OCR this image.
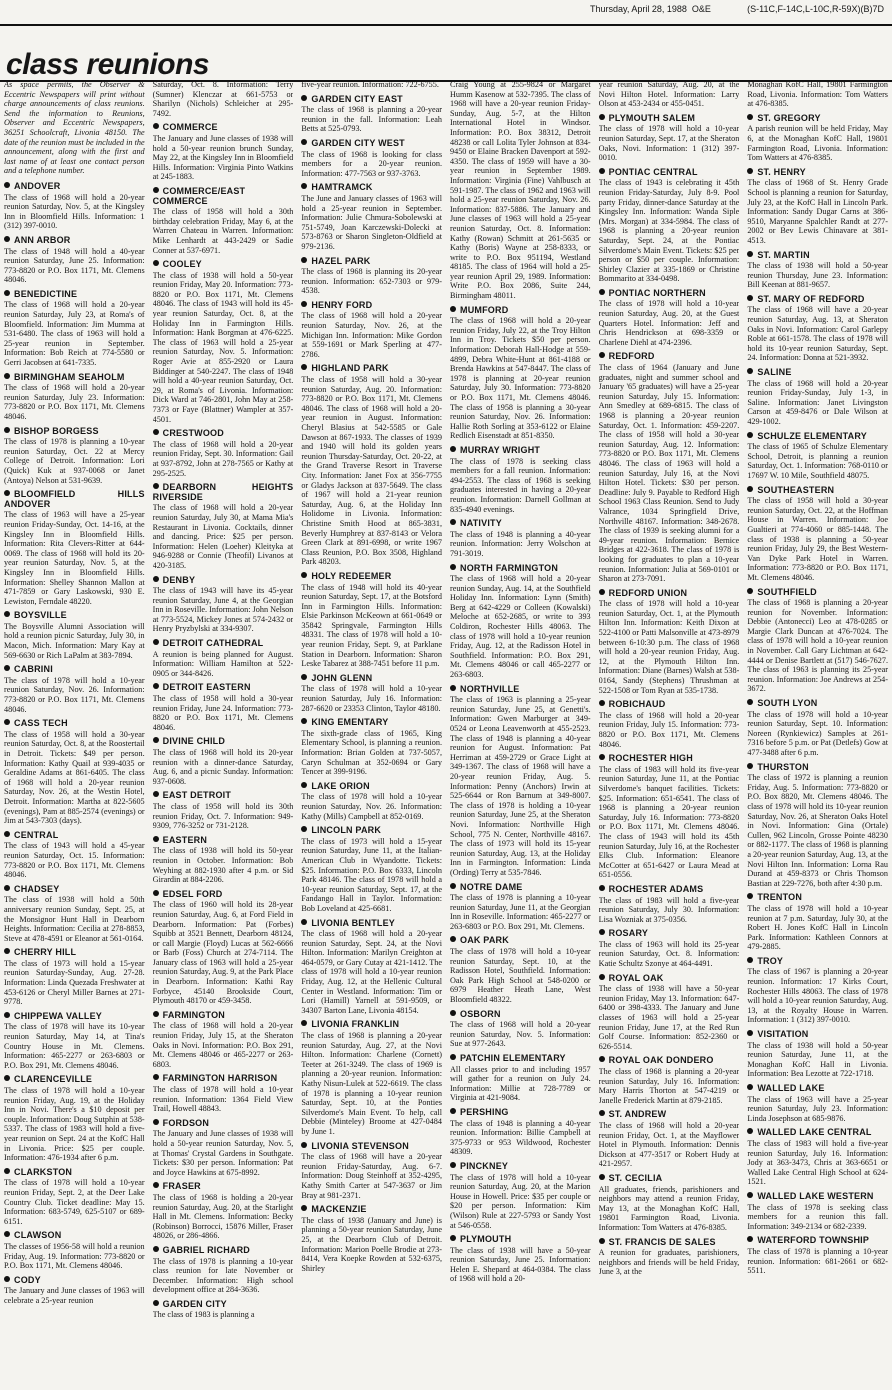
Thursday, April 28, 1988 O&E	(S-11C,F-14C,L-10C,R-59X)(B)7D
class reunions

As space permits, the Observer & Eccentric Newspapers will print without charge announcements of class reunions. Send the information to Reunions, Observer and Eccentric Newspapers, 36251 Schoolcraft, Livonia 48150. The date of the reunion must be included in the announcement, along with the first and last name of at least one contact person and a telephone number.

ANDOVER

The class of 1968 will hold a 20-year reunion Saturday, Nov. 5, at the Kingsley Inn in Bloomfield Hills. Information: 1 (312) 397-0010.

ANN ARBOR

The class of 1948 will hold a 40-year reunion Saturday, June 25. Information: 773-8820 or P.O. Box 1171, Mt. Clemens 48046.

BENEDICTINE

The class of 1968 will hold a 20-year reunion Saturday, July 23, at Roma's of Bloomfield. Information: Jim Mumma at 531-6480. The class of 1963 will hold a 25-year reunion in September. Information: Bob Reich at 774-5580 or Gerri Jacobsen at 641-7335.

BIRMINGHAM SEAHOLM

The class of 1968 will hold a 20-year reunion Saturday, July 23. Information: 773-8820 or P.O. Box 1171, Mt. Clemens 48046.

BISHOP BORGESS

The class of 1978 is planning a 10-year reunion Saturday, Oct. 22 at Mercy College of Detroit. Information: Lori (Quick) Kuk at 937-0068 or Janet (Antoya) Nelson at 531-9639.

BLOOMFIELD HILLS ANDOVER

The class of 1963 will have a 25-year reunion Friday-Sunday, Oct. 14-16, at the Kingsley Inn in Bloomfield Hills. Information: Rita Clevers-Ritter at 644-0069. The class of 1968 will hold its 20-year reunion Saturday, Nov. 5, at the Kingsley Inn in Bloomfield Hills. Information: Shelley Shannon Mallon at 471-7859 or Gary Laskowski, 930 E. Lewiston, Ferndale 48220.

BOYSVILLE

The Boysville Alumni Association will hold a reunion picnic Saturday, July 30, in Macon, Mich. Information: Mary Kay at 569-6630 or Rich LaPalm at 383-7894.

CABRINI

The class of 1978 will hold a 10-year reunion Saturday, Nov. 26. Information: 773-8820 or P.O. Box 1171, Mt. Clemens 48046.

CASS TECH

The class of 1958 will hold a 30-year reunion Saturday, Oct. 8, at the Roostertail in Detroit. Tickets: $49 per person. Information: Kathy Quail at 939-4035 or Geraldine Adams at 861-6405. The class of 1968 will hold a 20-year reunion Saturday, Nov. 26, at the Westin Hotel, Detroit. Information: Martha at 822-5605 (evenings), Pam at 885-2574 (evenings) or Jim at 543-7303 (days).

CENTRAL

The class of 1943 will hold a 45-year reunion Saturday, Oct. 15. Information: 773-8820 or P.O. Box 1171, Mt. Clemens 48046.

CHADSEY

The class of 1938 will hold a 50th anniversary reunion Sunday, Sept. 25, at the Monsignor Hunt Hall in Dearborn Heights. Information: Cecilia at 278-8853, Steve at 478-4591 or Eleanor at 561-0164.

CHERRY HILL

The class of 1973 will hold a 15-year reunion Saturday-Sunday, Aug. 27-28. Information: Linda Quezada Freshwater at 453-6126 or Cheryl Miller Barnes at 271-9778.

CHIPPEWA VALLEY

The class of 1978 will have its 10-year reunion Saturday, May 14, at Tina's Country House in Mt. Clemens. Information: 465-2277 or 263-6803 or P.O. Box 291, Mt. Clemens 48046.

CLARENCEVILLE

The class of 1978 will hold a 10-year reunion Friday, Aug. 19, at the Holiday Inn in Novi. There's a $10 deposit per couple. Information: Doug Sutphin at 538-5337. The class of 1983 will hold a five-year reunion on Sept. 24 at the KofC Hall in Livonia. Price: $25 per couple. Information: 476-1934 after 6 p.m.

CLARKSTON

The class of 1978 will hold a 10-year reunion Friday, Sept. 2, at the Deer Lake Country Club. Ticket deadline: May 15. Information: 683-5749, 625-5107 or 689-6151.

CLAWSON

The classes of 1956-58 will hold a reunion Friday, Aug. 19. Information: 773-8820 or P.O. Box 1171, Mt. Clemens 48046.

CODY

The January and June classes of 1963 will celebrate a 25-year reunion

Saturday, Oct. 8. Information: Terry (Sumner) Klenczar at 661-5753 or Sharilyn (Nichols) Schleicher at 295-7492.

COMMERCE

The January and June classes of 1938 will hold a 50-year reunion brunch Sunday, May 22, at the Kingsley Inn in Bloomfield Hills. Information: Virginia Pinto Watkins at 245-1883.

COMMERCE/EAST COMMERCE

The class of 1958 will hold a 30th birthday celebration Friday, May 6, at the Warren Chateau in Warren. Information: Mike Lenhardt at 443-2429 or Sadie Conner at 537-6971.

COOLEY

The class of 1938 will hold a 50-year reunion Friday, May 20. Information: 773-8820 or P.O. Box 1171, Mt. Clemens 48046. The class of 1943 will hold its 45-year reunion Saturday, Oct. 8, at the Holiday Inn in Farmington Hills. Information: Hank Borgman at 476-6225. The class of 1963 will hold a 25-year reunion Saturday, Nov. 5. Information: Roger Avie at 855-2920 or Laura Biddinger at 540-2247. The class of 1948 will hold a 40-year reunion Saturday, Oct. 29, at Roma's of Livonia. Information: Dick Ward at 746-2801, John May at 258-7373 or Faye (Blattner) Wampler at 357-4501.

CRESTWOOD

The class of 1968 will hold a 20-year reunion Friday, Sept. 30. Information: Gail at 937-8792, John at 278-7565 or Kathy at 295-2525.

DEARBORN HEIGHTS RIVERSIDE

The class of 1968 will hold a 20-year reunion Saturday, July 30, at Mama Mia's Restaurant in Livonia. Cocktails, dinner and dancing. Price: $25 per person. Information: Helen (Loeher) Kleityka at 946-9288 or Connie (Theofil) Livanos at 420-3185.

DENBY

The class of 1943 will have its 45-year reunion Saturday, June 4, at the Georgian Inn in Roseville. Information: John Nelson at 773-5524, Mickey Jones at 574-2432 or Henry Pryzbylski at 334-9307.

DETROIT CATHEDRAL

A reunion is being planned for August. Information: William Hamilton at 522-0905 or 344-8426.

DETROIT EASTERN

The class of 1958 will hold a 30-year reunion Friday, June 24. Information: 773-8820 or P.O. Box 1171, Mt. Clemens 48046.

DIVINE CHILD

The class of 1968 will hold its 20-year reunion with a dinner-dance Saturday, Aug. 6, and a picnic Sunday. Information: 937-0608.

EAST DETROIT

The class of 1958 will hold its 30th reunion Friday, Oct. 7. Information: 949-9309, 776-3252 or 731-2128.

EASTERN

The class of 1938 will hold its 50-year reunion in October. Information: Bob Weyhing at 882-1930 after 4 p.m. or Sid Girardin at 884-2206.

EDSEL FORD

The class of 1960 will hold its 28-year reunion Saturday, Aug. 6, at Ford Field in Dearborn. Information: Pat (Forbes) Squibb at 3521 Bennett, Dearborn 48124, or call Margie (Floyd) Lucas at 562-6666 or Barb (Foss) Church at 274-7114. The January class of 1963 will hold a 25-year reunion Saturday, Aug. 9, at the Park Place in Dearborn. Information: Kathi Ray Forbyce, 45140 Brookside Court, Plymouth 48170 or 459-3458.

FARMINGTON

The class of 1968 will hold a 20-year reunion Friday, July 15, at the Sheraton Oaks in Novi. Information: P.O. Box 291, Mt. Clemens 48046 or 465-2277 or 263-6803.

FARMINGTON HARRISON

The class of 1978 will hold a 10-year reunion. Information: 1364 Field View Trail, Howell 48843.

FORDSON

The January and June classes of 1938 will hold a 50-year reunion Saturday, Nov. 5, at Thomas' Crystal Gardens in Southgate. Tickets: $30 per person. Information: Pat and Joyce Hawkins at 675-8992.

FRASER

The class of 1968 is holding a 20-year reunion Saturday, Aug. 20, at the Starlight Hall in Mt. Clemens. Information: Becky (Robinson) Borrocci, 15876 Miller, Fraser 48026, or 286-4866.

GABRIEL RICHARD

The class of 1978 is planning a 10-year class reunion for late November or December. Information: High school development office at 284-3636.

GARDEN CITY

The class of 1983 is planning a

five-year reunion. Information: 722-6755.

GARDEN CITY EAST

The class of 1968 is planning a 20-year reunion in the fall. Information: Leah Betts at 525-0793.

GARDEN CITY WEST

The class of 1968 is looking for class members for a 20-year reunion. Information: 477-7563 or 937-3763.

HAMTRAMCK

The June and January classes of 1963 will hold a 25-year reunion in September. Information: Julie Chmura-Sobolewski at 751-5749, Joan Karczewski-Dolecki at 573-8763 or Sharon Singleton-Oldfield at 979-2136.

HAZEL PARK

The class of 1968 is planning its 20-year reunion. Information: 652-7303 or 979-4538.

HENRY FORD

The class of 1968 will hold a 20-year reunion Saturday, Nov. 26, at the Michigan Inn. Information: Mike Gordon at 559-1691 or Mark Sperling at 477-2786.

HIGHLAND PARK

The class of 1958 will hold a 30-year reunion Saturday, Aug. 20. Information: 773-8820 or P.O. Box 1171, Mt. Clemens 48046. The class of 1968 will hold a 20-year reunion in August. Information: Cheryl Blasius at 542-5585 or Gale Dawson at 867-1933. The classes of 1939 and 1940 will hold its golden years reunion Thursday-Saturday, Oct. 20-22, at the Grand Traverse Resort in Traverse City. Information: Janet Fox at 356-7755 or Gladys Jackson at 837-5649. The class of 1967 will hold a 21-year reunion Saturday, Aug. 6, at the Holiday Inn Holidome in Livonia. Information: Christine Smith Hood at 865-3831, Beverly Humphrey at 837-8143 or Velora Green Clark at 891-6998, or write 1967 Class Reunion, P.O. Box 3508, Highland Park 48203.

HOLY REDEEMER

The class of 1948 will hold its 40-year reunion Saturday, Sept. 17, at the Botsford Inn in Farmington Hills. Information: Elsie Parkinson McKeown at 661-0649 or 35842 Springvale, Farmington Hills 48331. The class of 1978 will hold a 10-year reunion Friday, Sept. 9, at Parklane Station in Dearborn. Information: Sharon Leske Tabarez at 388-7451 before 11 p.m.

JOHN GLENN

The class of 1978 will hold a 10-year reunion Saturday, July 16. Information: 287-6620 or 23353 Clinton, Taylor 48180.

KING EMENTARY

The sixth-grade class of 1965, King Elementary School, is planning a reunion. Information: Brian Golden at 737-5057, Caryn Schulman at 352-0694 or Gary Tencer at 399-9196.

LAKE ORION

The class of 1978 will hold a 10-year reunion Saturday, Nov. 26. Information: Kathy (Mills) Campbell at 852-0169.

LINCOLN PARK

The class of 1973 will hold a 15-year reunion Saturday, June 11, at the Italian-American Club in Wyandotte. Tickets: $25. Information: P.O. Box 6333, Lincoln Park 48146. The class of 1978 will hold a 10-year reunion Saturday, Sept. 17, at the Fandango Hall in Taylor. Information: Bob Loveland at 425-6681.

LIVONIA BENTLEY

The class of 1968 will hold a 20-year reunion Saturday, Sept. 24, at the Novi Hilton. Information: Marilyn Creighton at 464-0579, or Gary Cutay at 421-1412. The class of 1978 will hold a 10-year reunion Friday, Aug. 12, at the Hellenic Cultural Center in Westland. Information: Tim or Lori (Hamill) Yarnell at 591-9509, or 34307 Barton Lane, Livonia 48154.

LIVONIA FRANKLIN

The class of 1968 is planning a 20-year reunion Saturday, Aug. 27, at the Novi Hilton. Information: Charlene (Cornett) Teeter at 261-3249. The class of 1969 is planning a 20-year reunion. Information: Kathy Nisun-Lulek at 522-6619. The class of 1978 is planning a 10-year reunion Saturday, Sept. 10, at the Ponties Silverdome's Main Event. To help, call Debbie (Minteley) Broome at 427-0484 by June 1.

LIVONIA STEVENSON

The class of 1968 will have a 20-year reunion Friday-Saturday, Aug. 6-7. Information: Doug Steinhoff at 352-4295, Kathy Smith Carter at 547-3637 or Jim Bray at 981-2371.

MACKENZIE

The class of 1938 (January and June) is planning a 50-year reunion Saturday, June 25, at the Dearborn Club of Detroit. Information: Marion Poelle Brodie at 273-8414, Vera Koepke Rowden at 532-6375, Shirley

Craig Young at 255-9824 or Margaret Humm Kasenow at 532-7395. The class of 1968 will have a 20-year reunion Friday-Sunday, Aug. 5-7, at the Hilton International Hotel in Windsor. Information: P.O. Box 38312, Detroit 48238 or call Lolita Tyler Johnson at 834-9450 or Elaine Bracken Davenport at 592-4350. The class of 1959 will have a 30-year reunion in September 1989. Information: Virginia (Fine) Vahlbusch at 591-1987. The class of 1962 and 1963 will hold a 25-year reunion Saturday, Nov. 26. Information: 837-5886. The January and June classes of 1963 will hold a 25-year reunion Saturday, Oct. 8. Information: Kathy (Rowan) Schmitt at 261-5635 or Kathy (Boris) Wayne at 258-8333, or write to P.O. Box 951194, Westland 48185. The class of 1964 will hold a 25-year reunion April 29, 1989. Information: Write P.O. Box 2086, Suite 244, Birmingham 48011.

MUMFORD

The class of 1968 will hold a 20-year reunion Friday, July 22, at the Troy Hilton Inn in Troy. Tickets $50 per person. Information: Deborah Hall-Hodge at 559-4899, Debra White-Hunt at 861-4188 or Brenda Hawkins at 547-8447. The class of 1978 is planning at 20-year reunion Saturday, July 30. Information: 773-8820 or P.O. Box 1171, Mt. Clemens 48046. The class of 1958 is planning a 30-year reunion Saturday, Nov. 26. Information: Hallie Roth Sorling at 353-6122 or Elaine Redlich Eisenstadt at 851-8350.

MURRAY WRIGHT

The class of 1978 is seeking class members for a fall reunion. Information: 494-2553. The class of 1968 is seeking graduates interested in having a 20-year reunion. Information: Darnell Gollman at 835-4940 evenings.

NATIVITY

The class of 1948 is planning a 40-year reunion. Information: Jerry Wolschon at 791-3019.

NORTH FARMINGTON

The class of 1968 will hold a 20-year reunion Sunday, Aug. 14, at the Southfield Holiday Inn. Information: Lynn (Smith) Berg at 642-4229 or Colleen (Kowalski) Meloche at 652-2685, or write to 393 Coldiron, Rochester Hills 48063. The class of 1978 will hold a 10-year reunion Friday, Aug. 12, at the Radisson Hotel in Southfield. Information: P.O. Box 291, Mt. Clemens 48046 or call 465-2277 or 263-6803.

NORTHVILLE

The class of 1963 is planning a 25-year reunion Saturday, June 25, at Genetti's. Information: Gwen Marburger at 349-0524 or Leona Leavenworth at 455-2523. The class of 1948 is planning a 40-year reunion for August. Information: Pat Herriman at 459-2729 or Grace Light at 349-1367. The class of 1968 will have a 20-year reunion Friday, Aug. 5. Information: Penny (Anchors) Irwin at 525-6644 or Ron Barnum at 349-8007. The class of 1978 is holding a 10-year reunion Saturday, June 25, at the Sheraton Novi. Information: Northville High School, 775 N. Center, Northville 48167. The class of 1973 will hold its 15-year reunion Saturday, Aug. 13, at the Holiday Inn in Farmington. Information: Linda (Ording) Terry at 535-7846.

NOTRE DAME

The class of 1978 is planning a 10-year reunion Saturday, June 11, at the Georgian Inn in Roseville. Information: 465-2277 or 263-6803 or P.O. Box 291, Mt. Clemens.

OAK PARK

The class of 1978 will hold a 10-year reunion Saturday, Sept. 10, at the Radisson Hotel, Southfield. Information: Oak Park High School at 548-0200 or 6979 Heather Heath Lane, West Bloomfield 48322.

OSBORN

The class of 1968 will hold a 20-year reunion Saturday, Nov. 5. Information: Sue at 977-2643.

PATCHIN ELEMENTARY

All classes prior to and including 1957 will gather for a reunion on July 24. Information: Millie at 728-7789 or Virginia at 421-9084.

PERSHING

The class of 1948 is planning a 40-year reunion. Information: Billie Campbell at 375-9733 or 953 Wildwood, Rochester 48309.

PINCKNEY

The class of 1978 will hold a 10-year reunion Saturday, Aug. 20, at the Marion House in Howell. Price: $35 per couple or $20 per person. Information: Kim (Wilson) Rule at 227-5793 or Sandy Yost at 546-0558.

PLYMOUTH

The class of 1938 will have a 50-year reunion Saturday, June 25. Information: Helen E. Shepard at 464-0384. The class of 1968 will hold a 20-

year reunion Saturday, Aug. 20, at the Novi Hilton Hotel. Information: Larry Olson at 453-2434 or 455-0451.

PLYMOUTH SALEM

The class of 1978 will hold a 10-year reunion Saturday, Sept. 17, at the Sheraton Oaks, Novi. Information: 1 (312) 397-0010.

PONTIAC CENTRAL

The class of 1943 is celebrating it 45th reunion Friday-Saturday, July 8-9. Pool party Friday, dinner-dance Saturday at the Kingsley Inn. Information: Wanda Siple (Mrs. Morgan) at 334-5984. The class of 1968 is planning a 20-year reunion Saturday, Sept. 24, at the Pontiac Silverdome's Main Event. Tickets: $25 per person or $50 per couple. Information: Shirley Clazier at 335-1869 or Christine Bommarito at 334-0498.

PONTIAC NORTHERN

The class of 1978 will hold a 10-year reunion Saturday, Aug. 20, at the Guest Quarters Hotel. Information: Jeff and Chris Hendrickson at 698-3359 or Charlene Diehl at 474-2396.

REDFORD

The class of 1964 (January and June graduates, night and summer school and January '65 graduates) will have a 25-year reunion Saturday, July 15. Information: Ann Smedley at 689-6815. The class of 1968 is planning a 20-year reunion Saturday, Oct. 1. Information: 459-2207. The class of 1958 will hold a 30-year reunion Saturday, Aug. 12. Information: 773-8820 or P.O. Box 1171, Mt. Clemens 48046. The class of 1963 will hold a reunion Saturday, July 16, at the Novi Hilton Hotel. Tickets: $30 per person. Deadline: July 9. Payable to Redford High School 1963 Class Reunion. Send to Judy Valrance, 1034 Springfield Drive, Northville 48167. Information: 348-2678. The class of 1939 is seeking alumni for a 49-year reunion. Information: Bernice Bridges at 422-3618. The class of 1978 is looking for graduates to plan a 10-year reunion. Information: Julia at 569-0101 or Sharon at 273-7091.

REDFORD UNION

The class of 1978 will hold a 10-year reunion Saturday, Oct. 1, at the Plymouth Hilton Inn. Information: Keith Dixon at 522-4100 or Patti Malsonville at 473-8979 between 6-10:30 p.m. The class of 1968 will hold a 20-year reunion Friday, Aug. 12, at the Plymouth Hilton Inn. Information: Diane (Barnes) Walsh at 538-0164, Sandy (Stephens) Thrushman at 522-1508 or Tom Ryan at 535-1738.

ROBICHAUD

The class of 1968 will hold a 20-year reunion Friday, July 15. Information: 773-8820 or P.O. Box 1171, Mt. Clemens 48046.

ROCHESTER HIGH

The class of 1983 will hold its five-year reunion Saturday, June 11, at the Pontiac Silverdome's banquet facilities. Tickets: $25. Information: 651-6541. The class of 1968 is planning a 20-year reunion Saturday, July 16. Information: 773-8820 or P.O. Box 1171, Mt. Clemens 48046. The class of 1943 will hold its 45th reunion Saturday, July 16, at the Rochester Elks Club. Information: Eleanore McCotter at 651-6427 or Laura Mead at 651-0556.

ROCHESTER ADAMS

The class of 1983 will hold a five-year reunion Saturday, July 30. Information: Lisa Wozniak at 375-0356.

ROSARY

The class of 1963 will hold its 25-year reunion Saturday, Oct. 8. Information: Katie Schultz Szonye at 464-4491.

ROYAL OAK

The class of 1938 will have a 50-year reunion Friday, May 13. Information: 647-6400 or 398-4333. The January and June classes of 1963 will hold a 25-year reunion Friday, June 17, at the Red Run Golf Course. Information: 852-2360 or 626-5514.

ROYAL OAK DONDERO

The class of 1968 is planning a 20-year reunion Saturday, July 16. Information: Mary Harris Thorton at 547-4219 or Janelle Frederick Martin at 879-2185.

ST. ANDREW

The class of 1968 will hold a 20-year reunion Friday, Oct. 1, at the Mayflower Hotel in Plymouth. Information: Dennis Dickson at 477-3517 or Robert Hudy at 421-2957.

ST. CECILIA

All graduates, friends, parishioners and neighbors may attend a reunion Friday, May 13, at the Monaghan KofC Hall, 19801 Farmington Road, Livonia. Information: Tom Watters at 476-8385.

ST. FRANCIS DE SALES

A reunion for graduates, parishioners, neighbors and friends will be held Friday, June 3, at the

Monaghan KofC Hall, 19801 Farmington Road, Livonia. Information: Tom Watters at 476-8385.

ST. GREGORY

A parish reunion will be held Friday, May 6, at the Monaghan KofC Hall, 19801 Farmington Road, Livonia. Information: Tom Watters at 476-8385.

ST. HENRY

The class of 1968 of St. Henry Grade School is planning a reunion for Saturday, July 23, at the KofC Hall in Lincoln Park. Information: Sandy Dugar Carns at 386-9510, Maryanne Spalchler Randt at 277-2002 or Bev Lewis Chinavare at 381-4513.

ST. MARTIN

The class of 1938 will hold a 50-year reunion Thursday, June 23. Information: Bill Keenan at 881-9657.

ST. MARY OF REDFORD

The class of 1968 will have a 20-year reunion Saturday, Aug. 13, at Sheraton Oaks in Novi. Information: Carol Garlepy Roble at 661-1578. The class of 1978 will hold its 10-year reunion Saturday, Sept. 24. Information: Donna at 521-3932.

SALINE

The class of 1968 will hold a 20-year reunion Friday-Sunday, July 1-3, in Saline. Information: Janet Livingston Carson at 459-8476 or Dale Wilson at 429-1002.

SCHULZE ELEMENTARY

The class of 1965 of Schulze Elementary School, Detroit, is planning a reunion Saturday, Oct. 1. Information: 768-0110 or 17697 W. 10 Mile, Southfield 48075.

SOUTHEASTERN

The class of 1958 will hold a 30-year reunion Saturday, Oct. 22, at the Hoffman House in Warren. Information: Joe Gualtieri at 774-4060 or 885-1448. The class of 1938 is planning a 50-year reunion Friday, July 29, the Best Western-Van Dyke Park Hotel in Warren. Information: 773-8820 or P.O. Box 1171, Mt. Clemens 48046.

SOUTHFIELD

The class of 1968 is planning a 20-year reunion for November. Information: Debbie (Antonecci) Leo at 478-0285 or Margie Clark Duncan at 476-7024. The class of 1978 will hold a 10-year reunion in November. Call Gary Lichtman at 642-4444 or Denise Bartlett at (517) 546-7627. The class of 1963 is planning its 25-year reunion. Information: Joe Andrews at 254-3672.

SOUTH LYON

The class of 1978 will hold a 10-year reunion Saturday, Sept. 10. Information: Noreen (Rynkiewicz) Samples at 261-7316 before 5 p.m. or Pat (Detlefs) Gow at 477-3488 after 6 p.m.

THURSTON

The class of 1972 is planning a reunion Friday, Aug. 5. Information: 773-8820 or P.O. Box 8820, Mt. Clemens 48046. The class of 1978 will hold its 10-year reunion Saturday, Nov. 26, at Sheraton Oaks Hotel in Novi. Information: Gina (Ortale) Cullen, 962 Lincoln, Grosse Pointe 48230 or 882-1177. The class of 1968 is planning a 20-year reunion Saturday, Aug. 13, at the Novi Hilton Inn. Information: Lorna Rau Durand at 459-8373 or Chris Thomson Bastian at 229-7276, both after 4:30 p.m.

TRENTON

The class of 1978 will hold a 10-year reunion at 7 p.m. Saturday, July 30, at the Robert H. Jones KofC Hall in Lincoln Park. Information: Kathleen Connors at 479-2885.

TROY

The class of 1967 is planning a 20-year reunion. Information: 17 Kirks Court, Rochester Hills 48063. The class of 1978 will hold a 10-year reunion Saturday, Aug. 13, at the Royalty House in Warren. Information: 1 (312) 397-0010.

VISITATION

The class of 1938 will hold a 50-year reunion Saturday, June 11, at the Monaghan KofC Hall in Livonia. Information: Bea Lezotte at 722-1718.

WALLED LAKE

The class of 1963 will have a 25-year reunion Saturday, July 23. Information: Linda Josephson at 685-9876.

WALLED LAKE CENTRAL

The class of 1983 will hold a five-year reunion Saturday, July 16. Information: Jody at 363-3473, Chris at 363-6651 or Walled Lake Central High School at 624-1521.

WALLED LAKE WESTERN

The class of 1978 is seeking class members for a reunion this fall. Information: 349-2134 or 682-2339.

WATERFORD TOWNSHIP

The class of 1978 is planning a 10-year reunion. Information: 681-2661 or 682-5511.
